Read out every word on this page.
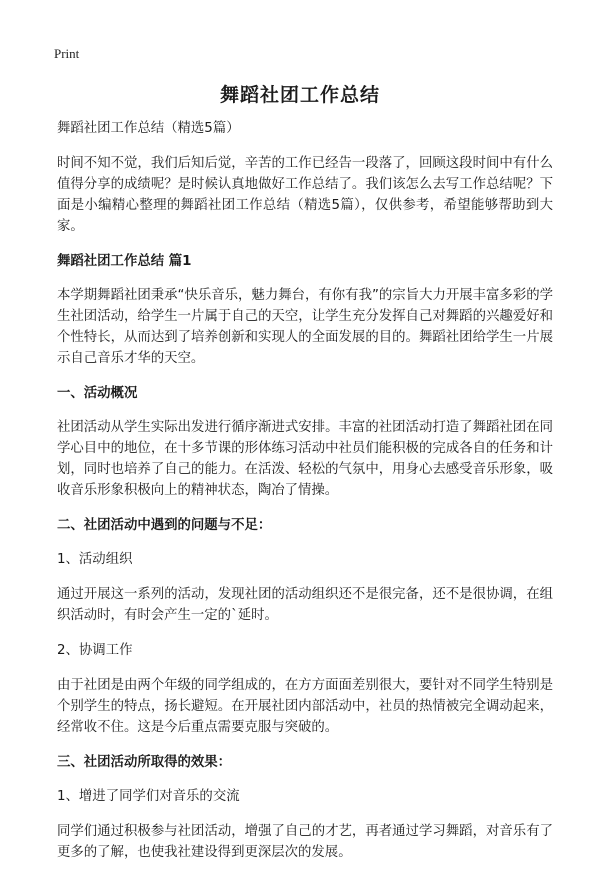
Print
舞蹈社团工作总结

舞蹈社团工作总结（精选5篇）

时间不知不觉，我们后知后觉，辛苦的工作已经告一段落了，回顾这段时间中有什么值得分享的成绩呢？是时候认真地做好工作总结了。我们该怎么去写工作总结呢？下面是小编精心整理的舞蹈社团工作总结（精选5篇），仅供参考，希望能够帮助到大家。

舞蹈社团工作总结 篇1

本学期舞蹈社团秉承“快乐音乐，魅力舞台，有你有我”的宗旨大力开展丰富多彩的学生社团活动，给学生一片属于自己的天空，让学生充分发挥自己对舞蹈的兴趣爱好和个性特长，从而达到了培养创新和实现人的全面发展的目的。舞蹈社团给学生一片展示自己音乐才华的天空。

一、活动概况

社团活动从学生实际出发进行循序渐进式安排。丰富的社团活动打造了舞蹈社团在同学心目中的地位，在十多节课的形体练习活动中社员们能积极的完成各自的任务和计划，同时也培养了自己的能力。在活泼、轻松的气氛中，用身心去感受音乐形象，吸收音乐形象积极向上的精神状态，陶冶了情操。

二、社团活动中遇到的问题与不足：

1、活动组织

通过开展这一系列的活动，发现社团的活动组织还不是很完备，还不是很协调，在组织活动时，有时会产生一定的`延时。

2、协调工作

由于社团是由两个年级的同学组成的，在方方面面差别很大，要针对不同学生特别是个别学生的特点，扬长避短。在开展社团内部活动中，社员的热情被完全调动起来，经常收不住。这是今后重点需要克服与突破的。

三、社团活动所取得的效果：

1、增进了同学们对音乐的交流

同学们通过积极参与社团活动，增强了自己的才艺，再者通过学习舞蹈，对音乐有了更多的了解，也使我社建设得到更深层次的发展。
